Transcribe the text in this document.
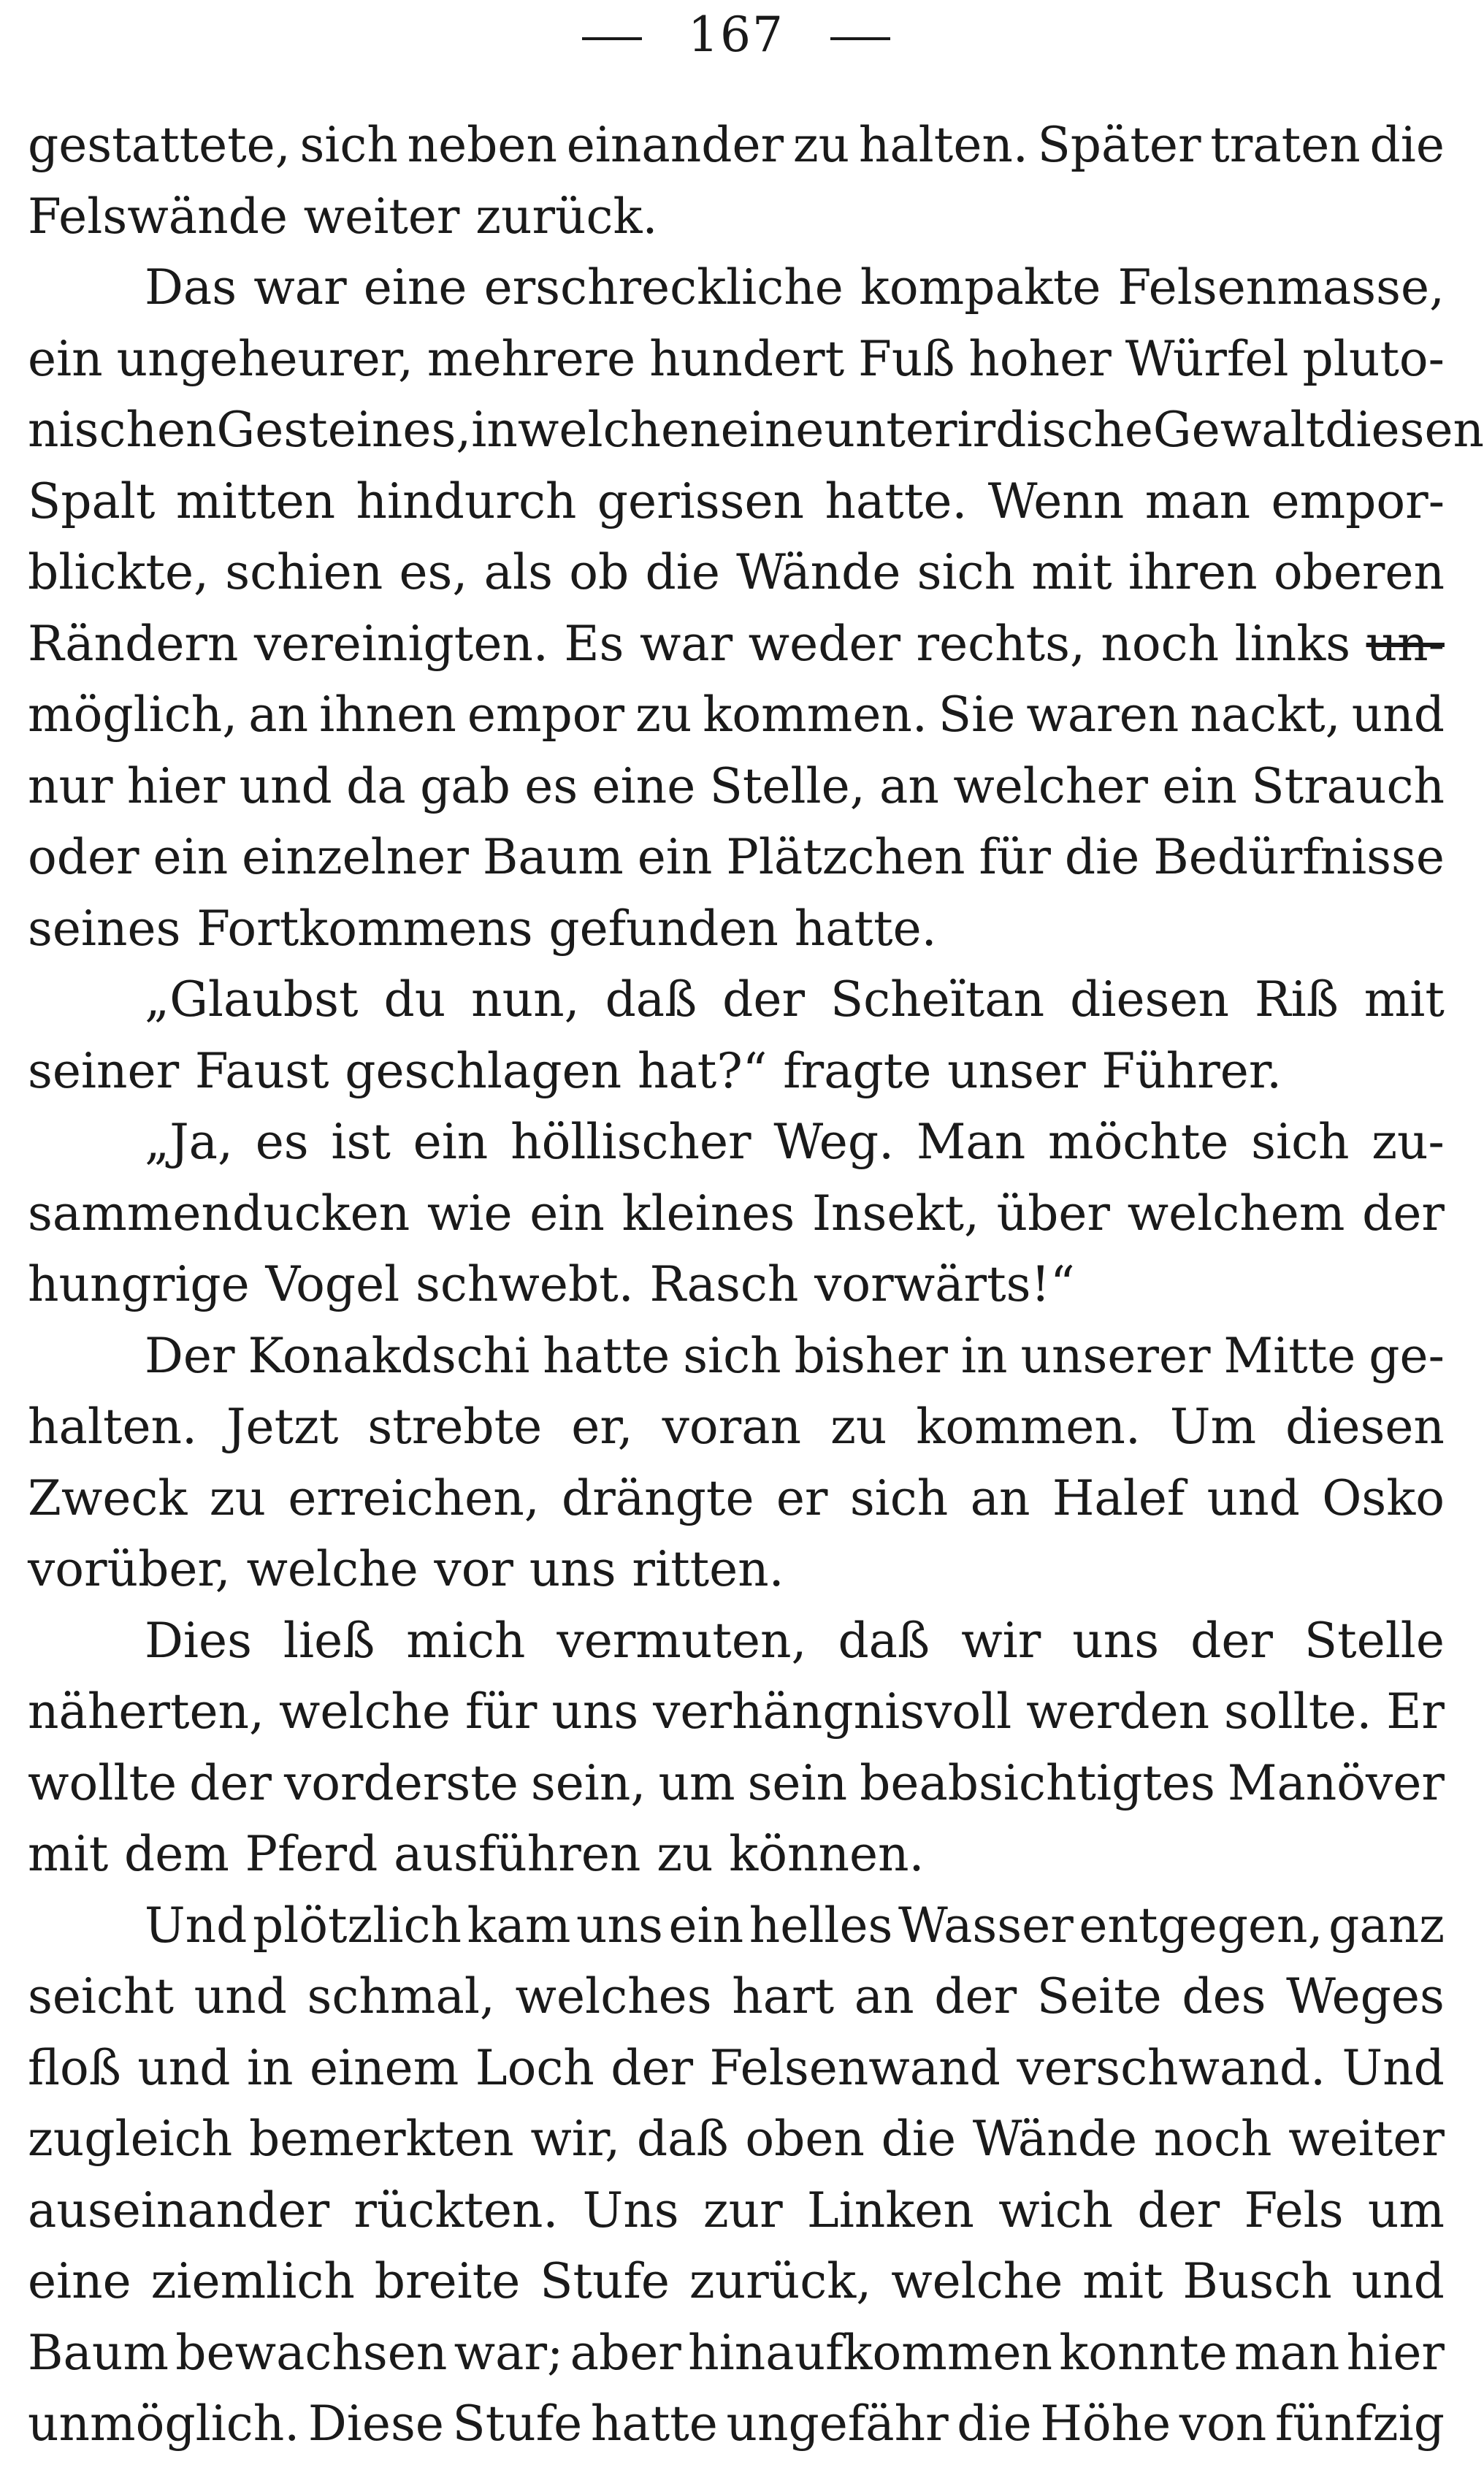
167
gestattete, sich neben einander zu halten. Später traten die
Felswände weiter zurück.
Das war eine erschreckliche kompakte Felsenmasse,
ein ungeheurer, mehrere hundert Fuß hoher Würfel pluto-
nischen Gesteines, in welchen eine unterirdische Gewalt diesen
Spalt mitten hindurch gerissen hatte. Wenn man empor-
blickte, schien es, als ob die Wände sich mit ihren oberen
Rändern vereinigten. Es war weder rechts, noch links un-
möglich, an ihnen empor zu kommen. Sie waren nackt, und
nur hier und da gab es eine Stelle, an welcher ein Strauch
oder ein einzelner Baum ein Plätzchen für die Bedürfnisse
seines Fortkommens gefunden hatte.
„Glaubst du nun, daß der Scheïtan diesen Riß mit
seiner Faust geschlagen hat?“ fragte unser Führer.
„Ja, es ist ein höllischer Weg. Man möchte sich zu-
sammenducken wie ein kleines Insekt, über welchem der
hungrige Vogel schwebt. Rasch vorwärts!“
Der Konakdschi hatte sich bisher in unserer Mitte ge-
halten. Jetzt strebte er, voran zu kommen. Um diesen
Zweck zu erreichen, drängte er sich an Halef und Osko
vorüber, welche vor uns ritten.
Dies ließ mich vermuten, daß wir uns der Stelle
näherten, welche für uns verhängnisvoll werden sollte. Er
wollte der vorderste sein, um sein beabsichtigtes Manöver
mit dem Pferd ausführen zu können.
Und plötzlich kam uns ein helles Wasser entgegen, ganz
seicht und schmal, welches hart an der Seite des Weges
floß und in einem Loch der Felsenwand verschwand. Und
zugleich bemerkten wir, daß oben die Wände noch weiter
auseinander rückten. Uns zur Linken wich der Fels um
eine ziemlich breite Stufe zurück, welche mit Busch und
Baum bewachsen war; aber hinaufkommen konnte man hier
unmöglich. Diese Stufe hatte ungefähr die Höhe von fünfzig
